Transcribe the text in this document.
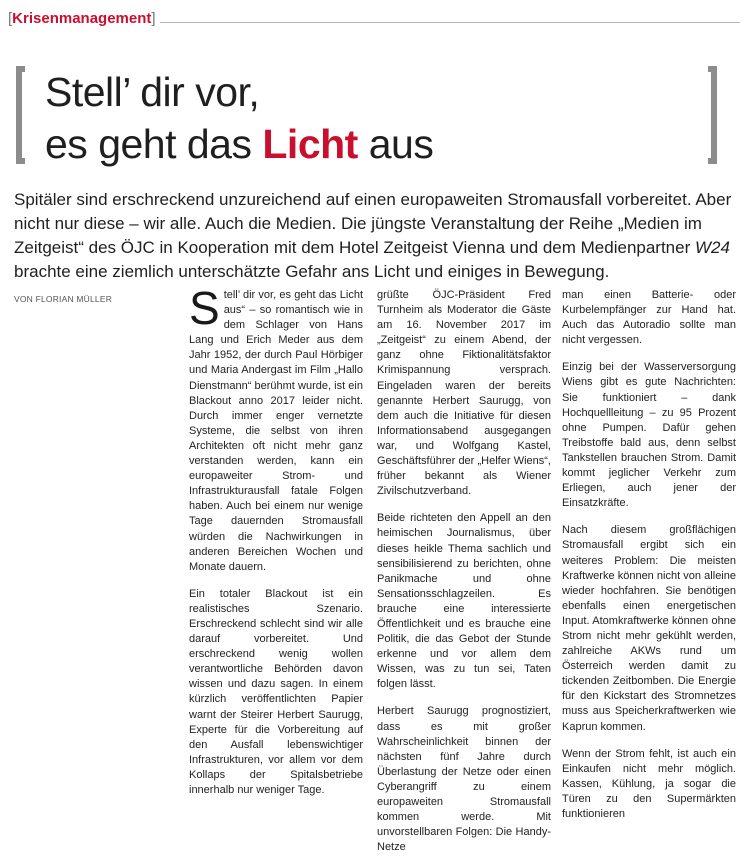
[Krisenmanagement]
Stell’ dir vor,
es geht das Licht aus

Spitäler sind erschreckend unzureichend auf einen europaweiten Stromausfall vorbereitet. Aber nicht nur diese – wir alle. Auch die Medien. Die jüngste Veranstaltung der Reihe „Medien im Zeitgeist“ des ÖJC in Kooperation mit dem Hotel Zeitgeist Vienna und dem Medienpartner W24 brachte eine ziemlich unterschätzte Gefahr ans Licht und einiges in Bewegung.

VON FLORIAN MÜLLER Stell’ dir vor, es geht das Licht aus“ – so romantisch wie in dem Schlager von Hans Lang und Erich Meder aus dem Jahr 1952, der durch Paul Hörbiger und Maria Andergast im Film „Hallo Dienstmann“ berühmt wurde, ist ein Blackout anno 2017 leider nicht. Durch immer enger vernetzte Systeme, die selbst von ihren Architekten oft nicht mehr ganz verstanden werden, kann ein europaweiter Strom- und Infrastrukturausfall fatale Folgen haben. Auch bei einem nur wenige Tage dauernden Stromausfall würden die Nachwirkungen in anderen Bereichen Wochen und Monate dauern.

Ein totaler Blackout ist ein realistisches Szenario. Erschreckend schlecht sind wir alle darauf vorbereitet. Und erschreckend wenig wollen verantwortliche Behörden davon wissen und dazu sagen. In einem kürzlich veröffentlichten Papier warnt der Steirer Herbert Saurugg, Experte für die Vorbereitung auf den Ausfall lebenswichtiger Infrastrukturen, vor allem vor dem Kollaps der Spitalsbetriebe innerhalb nur weniger Tage.

grüßte ÖJC-Präsident Fred Turnheim als Moderator die Gäste am 16. November 2017 im „Zeitgeist“ zu einem Abend, der ganz ohne Fiktionalitätsfaktor Krimispannung versprach. Eingeladen waren der bereits genannte Herbert Saurugg, von dem auch die Initiative für diesen Informationsabend ausgegangen war, und Wolfgang Kastel, Geschäftsführer der „Helfer Wiens“, früher bekannt als Wiener Zivilschutzverband.

Beide richteten den Appell an den heimischen Journalismus, über dieses heikle Thema sachlich und sensibilisierend zu berichten, ohne Panikmache und ohne Sensationsschlagzeilen. Es brauche eine interessierte Öffentlichkeit und es brauche eine Politik, die das Gebot der Stunde erkenne und vor allem dem Wissen, was zu tun sei, Taten folgen lässt.

Herbert Saurugg prognostiziert, dass es mit großer Wahrscheinlichkeit binnen der nächsten fünf Jahre durch Überlastung der Netze oder einen Cyberangriff zu einem europaweiten Stromausfall kommen werde. Mit unvorstellbaren Folgen: Die Handy-Netze

man einen Batterie- oder Kurbelempfänger zur Hand hat. Auch das Autoradio sollte man nicht vergessen.

Einzig bei der Wasserversorgung Wiens gibt es gute Nachrichten: Sie funktioniert – dank Hochquellleitung – zu 95 Prozent ohne Pumpen. Dafür gehen Treibstoffe bald aus, denn selbst Tankstellen brauchen Strom. Damit kommt jeglicher Verkehr zum Erliegen, auch jener der Einsatzkräfte.

Nach diesem großflächigen Stromausfall ergibt sich ein weiteres Problem: Die meisten Kraftwerke können nicht von alleine wieder hochfahren. Sie benötigen ebenfalls einen energetischen Input. Atomkraftwerke können ohne Strom nicht mehr gekühlt werden, zahlreiche AKWs rund um Österreich werden damit zu tickenden Zeitbomben. Die Energie für den Kickstart des Stromnetzes muss aus Speicherkraftwerken wie Kaprun kommen.

Wenn der Strom fehlt, ist auch ein Einkaufen nicht mehr möglich. Kassen, Kühlung, ja sogar die Türen zu den Supermärkten funktionieren
